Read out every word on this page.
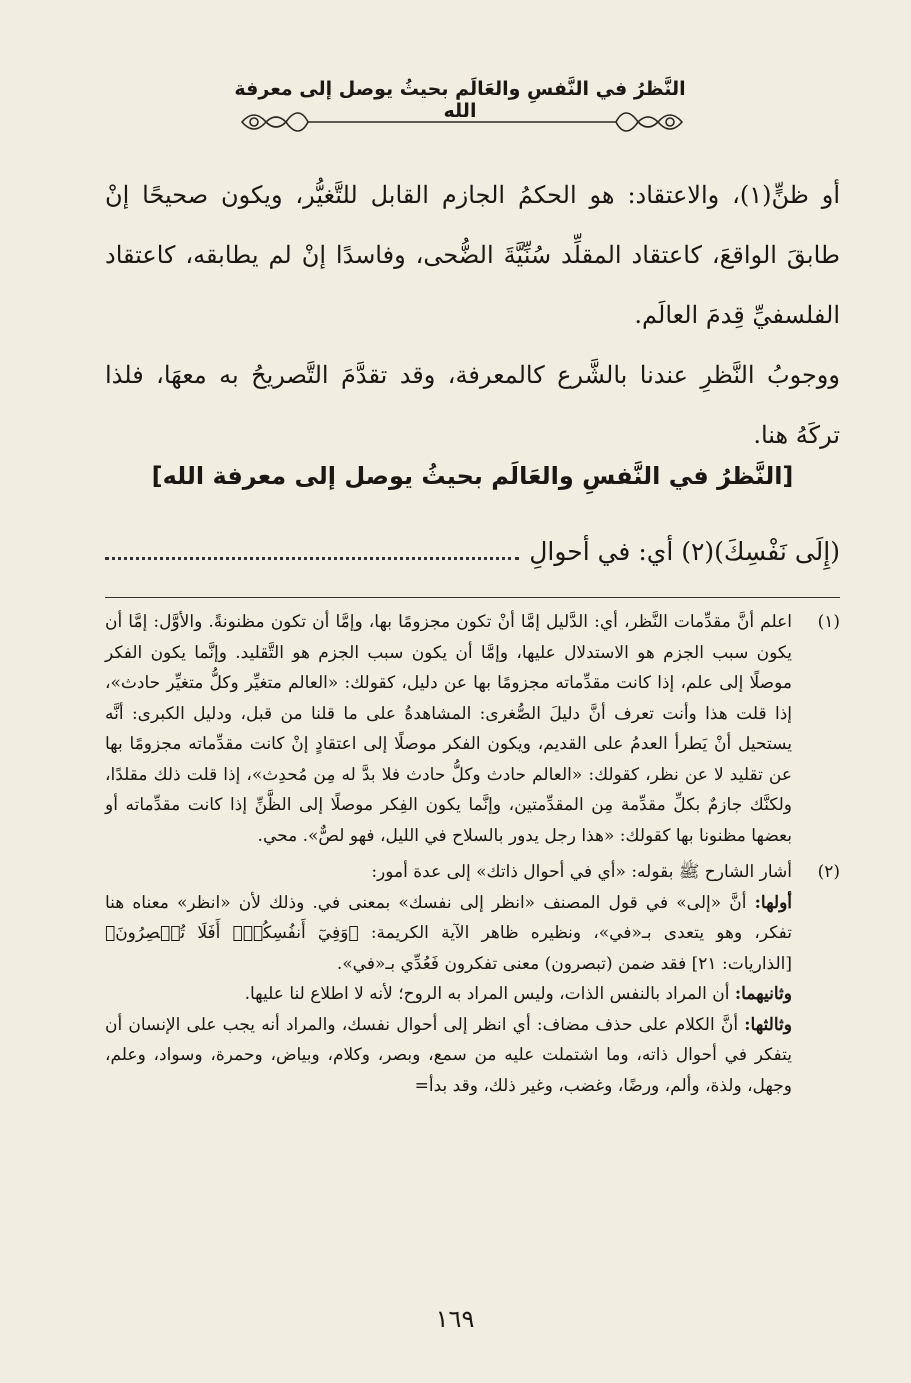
النَّظرُ في النَّفسِ والعَالَم بحيثُ يوصل إلى معرفة الله

أو ظنٍّ(١)، والاعتقاد: هو الحكمُ الجازم القابل للتَّغيُّر، ويكون صحيحًا إنْ طابقَ الواقعَ، كاعتقاد المقلِّد سُنِّيَّةَ الضُّحى، وفاسدًا إنْ لم يطابقه، كاعتقاد الفلسفيِّ قِدمَ العالَم.

ووجوبُ النَّظرِ عندنا بالشَّرع كالمعرفة، وقد تقدَّمَ التَّصريحُ به معهَا، فلذا تركَهُ هنا.

[النَّظرُ في النَّفسِ والعَالَم بحيثُ يوصل إلى معرفة الله]
(إِلَى نَفْسِكَ)(٢) أي: في أحوالِ
(١)

اعلم أنَّ مقدِّمات النَّظر، أي: الدَّليل إمَّا أنْ تكون مجزومًا بها، وإمَّا أن تكون مظنونةً. والأوَّل: إمَّا أن يكون سبب الجزم هو الاستدلال عليها، وإمَّا أن يكون سبب الجزم هو التَّقليد. وإنَّما يكون الفكر موصلًا إلى علم، إذا كانت مقدِّماته مجزومًا بها عن دليل، كقولك: «العالم متغيِّر وكلُّ متغيِّر حادث»، إذا قلت هذا وأنت تعرف أنَّ دليلَ الصُّغرى: المشاهدةُ على ما قلنا من قبل، ودليل الكبرى: أنَّه يستحيل أنْ يَطرأ العدمُ على القديم، ويكون الفكر موصلًا إلى اعتقادٍ إنْ كانت مقدِّماته مجزومًا بها عن تقليد لا عن نظر، كقولك: «العالم حادث وكلُّ حادث فلا بدَّ له مِن مُحدِث»، إذا قلت ذلك مقلدًا، ولكنَّك جازمٌ بكلِّ مقدِّمة مِن المقدِّمتين، وإنَّما يكون الفِكر موصلًا إلى الظَّنِّ إذا كانت مقدِّماته أو بعضها مظنونا بها كقولك: «هذا رجل يدور بالسلاح في الليل، فهو لصٌّ». محي.

(٢)

أشار الشارح ﷺ بقوله: «أي في أحوال ذاتك» إلى عدة أمور:

أولها: أنَّ «إلى» في قول المصنف «انظر إلى نفسك» بمعنى في. وذلك لأن «انظر» معناه هنا تفكر، وهو يتعدى بـ«في»، ونظيره ظاهر الآية الكريمة: ﴿وَفِيٓ أَنفُسِكُمۡۚ أَفَلَا تُبۡصِرُونَ﴾ [الذاريات: ٢١] فقد ضمن (تبصرون) معنى تفكرون فَعُدِّي بـ«في».

وثانيهما: أن المراد بالنفس الذات، وليس المراد به الروح؛ لأنه لا اطلاع لنا عليها.

وثالثها: أنَّ الكلام على حذف مضاف: أي انظر إلى أحوال نفسك، والمراد أنه يجب على الإنسان أن يتفكر في أحوال ذاته، وما اشتملت عليه من سمع، وبصر، وكلام، وبياض، وحمرة، وسواد، وعلم، وجهل، ولذة، وألم، ورضًا، وغضب، وغير ذلك، وقد بدأ=

١٦٩
